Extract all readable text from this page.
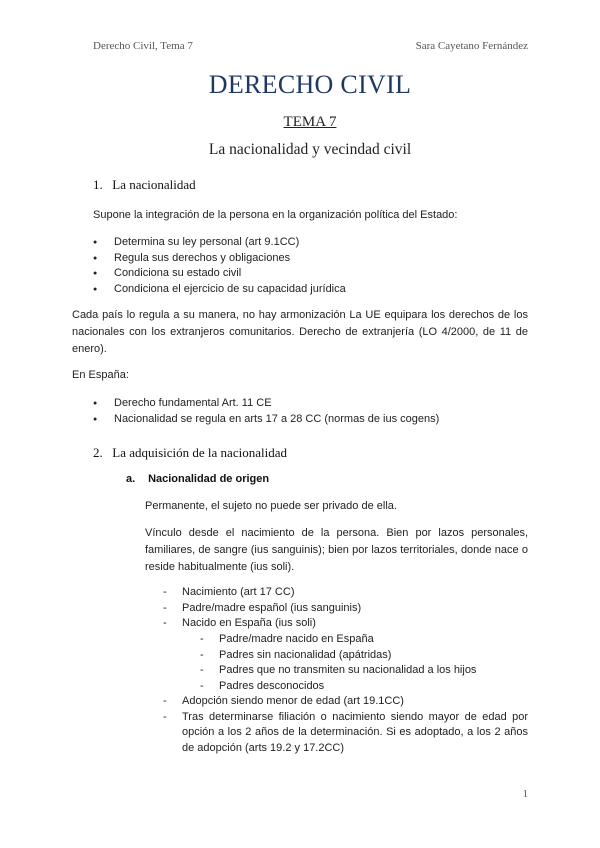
Derecho Civil, Tema 7	Sara Cayetano Fernández
DERECHO CIVIL
TEMA 7
La nacionalidad y vecindad civil
1. La nacionalidad
Supone la integración de la persona en la organización política del Estado:
● Determina su ley personal (art 9.1CC)
● Regula sus derechos y obligaciones
● Condiciona su estado civil
● Condiciona el ejercicio de su capacidad jurídica
Cada país lo regula a su manera, no hay armonización La UE equipara los derechos de los nacionales con los extranjeros comunitarios. Derecho de extranjería (LO 4/2000, de 11 de enero).
En España:
● Derecho fundamental Art. 11 CE
● Nacionalidad se regula en arts 17 a 28 CC (normas de ius cogens)
2. La adquisición de la nacionalidad
a. Nacionalidad de origen
Permanente, el sujeto no puede ser privado de ella.
Vínculo desde el nacimiento de la persona. Bien por lazos personales, familiares, de sangre (ius sanguinis); bien por lazos territoriales, donde nace o reside habitualmente (ius soli).
- Nacimiento (art 17 CC)
- Padre/madre español (ius sanguinis)
- Nacido en España (ius soli)
- Padre/madre nacido en España
- Padres sin nacionalidad (apátridas)
- Padres que no transmiten su nacionalidad a los hijos
- Padres desconocidos
- Adopción siendo menor de edad (art 19.1CC)
- Tras determinarse filiación o nacimiento siendo mayor de edad por opción a los 2 años de la determinación. Si es adoptado, a los 2 años de adopción (arts 19.2 y 17.2CC)
1
